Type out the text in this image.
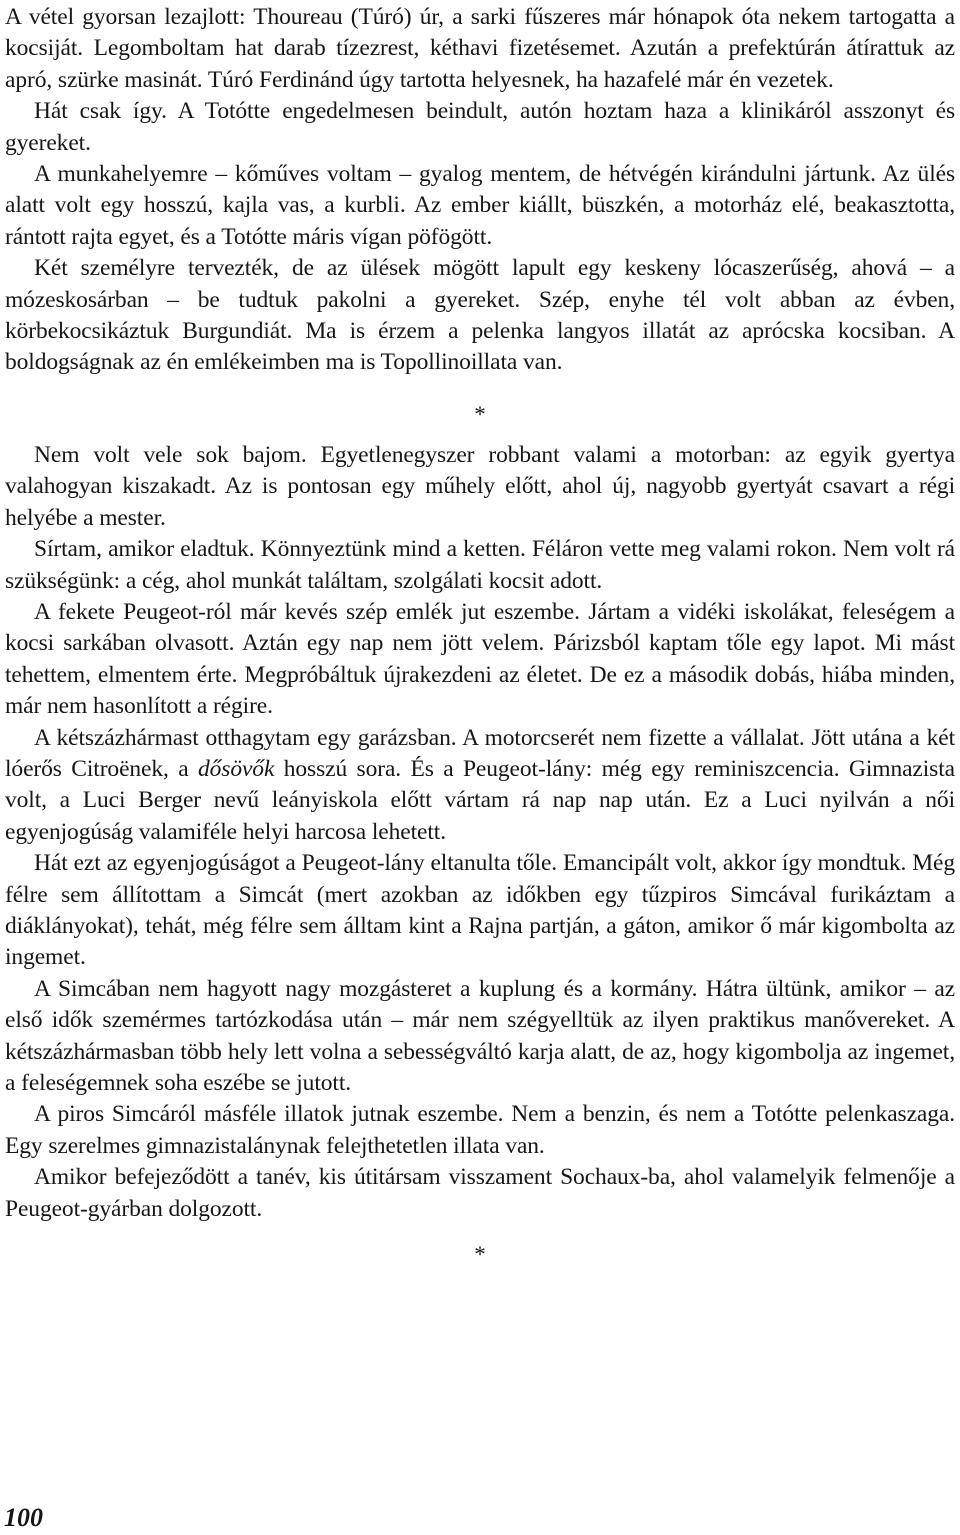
A vétel gyorsan lezajlott: Thoureau (Túró) úr, a sarki fűszeres már hónapok óta nekem tartogatta a kocsiját. Legomboltam hat darab tízezrest, kéthavi fizetésemet. Azután a prefektúrán átírattuk az apró, szürke masinát. Túró Ferdinánd úgy tartotta helyesnek, ha hazafelé már én vezetek.

Hát csak így. A Totótte engedelmesen beindult, autón hoztam haza a klinikáról asszonyt és gyereket.

A munkahelyemre – kőműves voltam – gyalog mentem, de hétvégén kirándulni jártunk. Az ülés alatt volt egy hosszú, kajla vas, a kurbli. Az ember kiállt, büszkén, a motorház elé, beakasztotta, rántott rajta egyet, és a Totótte máris vígan pöfögött.

Két személyre tervezték, de az ülések mögött lapult egy keskeny lócaszerűség, ahová – a mózeskosárban – be tudtuk pakolni a gyereket. Szép, enyhe tél volt abban az évben, körbekocsikáztuk Burgundiát. Ma is érzem a pelenka langyos illatát az aprócska kocsiban. A boldogságnak az én emlékeimben ma is Topollinoillata van.

*

Nem volt vele sok bajom. Egyetlenegyszer robbant valami a motorban: az egyik gyertya valahogyan kiszakadt. Az is pontosan egy műhely előtt, ahol új, nagyobb gyertyát csavart a régi helyébe a mester.

Sírtam, amikor eladtuk. Könnyeztünk mind a ketten. Féláron vette meg valami rokon. Nem volt rá szükségünk: a cég, ahol munkát találtam, szolgálati kocsit adott.

A fekete Peugeot-ról már kevés szép emlék jut eszembe. Jártam a vidéki iskolákat, feleségem a kocsi sarkában olvasott. Aztán egy nap nem jött velem. Párizsból kaptam tőle egy lapot. Mi mást tehettem, elmentem érte. Megpróbáltuk újrakezdeni az életet. De ez a második dobás, hiába minden, már nem hasonlított a régire.

A kétszázhármast otthagytam egy garázsban. A motorcserét nem fizette a vállalat. Jött utána a két lóerős Citroënek, a dősövők hosszú sora. És a Peugeot-lány: még egy reminiszcencia. Gimnazista volt, a Luci Berger nevű leányiskola előtt vártam rá nap nap után. Ez a Luci nyilván a női egyenjogúság valamiféle helyi harcosa lehetett.

Hát ezt az egyenjogúságot a Peugeot-lány eltanulta tőle. Emancipált volt, akkor így mondtuk. Még félre sem állítottam a Simcát (mert azokban az időkben egy tűzpiros Simcával furikáztam a diáklányokat), tehát, még félre sem álltam kint a Rajna partján, a gáton, amikor ő már kigombolta az ingemet.

A Simcában nem hagyott nagy mozgásteret a kuplung és a kormány. Hátra ültünk, amikor – az első idők szemérmes tartózkodása után – már nem szégyelltük az ilyen praktikus manővereket. A kétszázhármasban több hely lett volna a sebességváltó karja alatt, de az, hogy kigombolja az ingemet, a feleségemnek soha eszébe se jutott.

A piros Simcáról másféle illatok jutnak eszembe. Nem a benzin, és nem a Totótte pelenkaszaga. Egy szerelmes gimnazistalánynak felejthetetlen illata van.

Amikor befejeződött a tanév, kis útitársam visszament Sochaux-ba, ahol valamelyik felmenője a Peugeot-gyárban dolgozott.

*

100
